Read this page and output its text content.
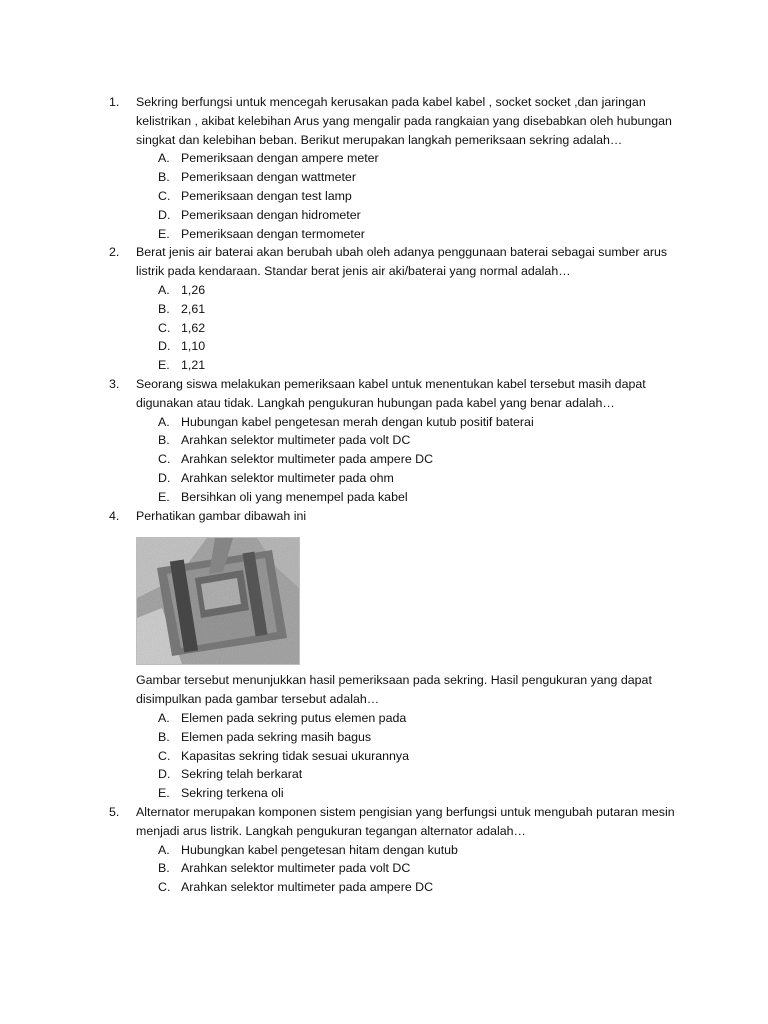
1. Sekring berfungsi untuk mencegah kerusakan pada kabel kabel , socket socket ,dan jaringan kelistrikan , akibat kelebihan Arus yang mengalir pada rangkaian yang disebabkan oleh hubungan singkat dan kelebihan beban. Berikut merupakan langkah pemeriksaan sekring adalah…
A. Pemeriksaan dengan ampere meter
B. Pemeriksaan dengan wattmeter
C. Pemeriksaan dengan test lamp
D. Pemeriksaan dengan hidrometer
E. Pemeriksaan dengan termometer
2. Berat jenis air baterai akan berubah ubah oleh adanya penggunaan baterai sebagai sumber arus listrik pada kendaraan. Standar berat jenis air aki/baterai yang normal adalah…
A. 1,26
B. 2,61
C. 1,62
D. 1,10
E. 1,21
3. Seorang siswa melakukan pemeriksaan kabel untuk menentukan kabel tersebut masih dapat digunakan atau tidak. Langkah pengukuran hubungan pada kabel yang benar adalah…
A. Hubungan kabel pengetesan merah dengan kutub positif baterai
B. Arahkan selektor multimeter pada volt DC
C. Arahkan selektor multimeter pada ampere DC
D. Arahkan selektor multimeter pada ohm
E. Bersihkan oli yang menempel pada kabel
4. Perhatikan gambar dibawah ini
Gambar tersebut menunjukkan hasil pemeriksaan pada sekring. Hasil pengukuran yang dapat disimpulkan pada gambar tersebut adalah…
A. Elemen pada sekring putus elemen pada
B. Elemen pada sekring masih bagus
C. Kapasitas sekring tidak sesuai ukurannya
D. Sekring telah berkarat
E. Sekring terkena oli
5. Alternator merupakan komponen sistem pengisian yang berfungsi untuk mengubah putaran mesin menjadi arus listrik. Langkah pengukuran tegangan alternator adalah…
A. Hubungkan kabel pengetesan hitam dengan kutub
B. Arahkan selektor multimeter pada volt DC
C. Arahkan selektor multimeter pada ampere DC
